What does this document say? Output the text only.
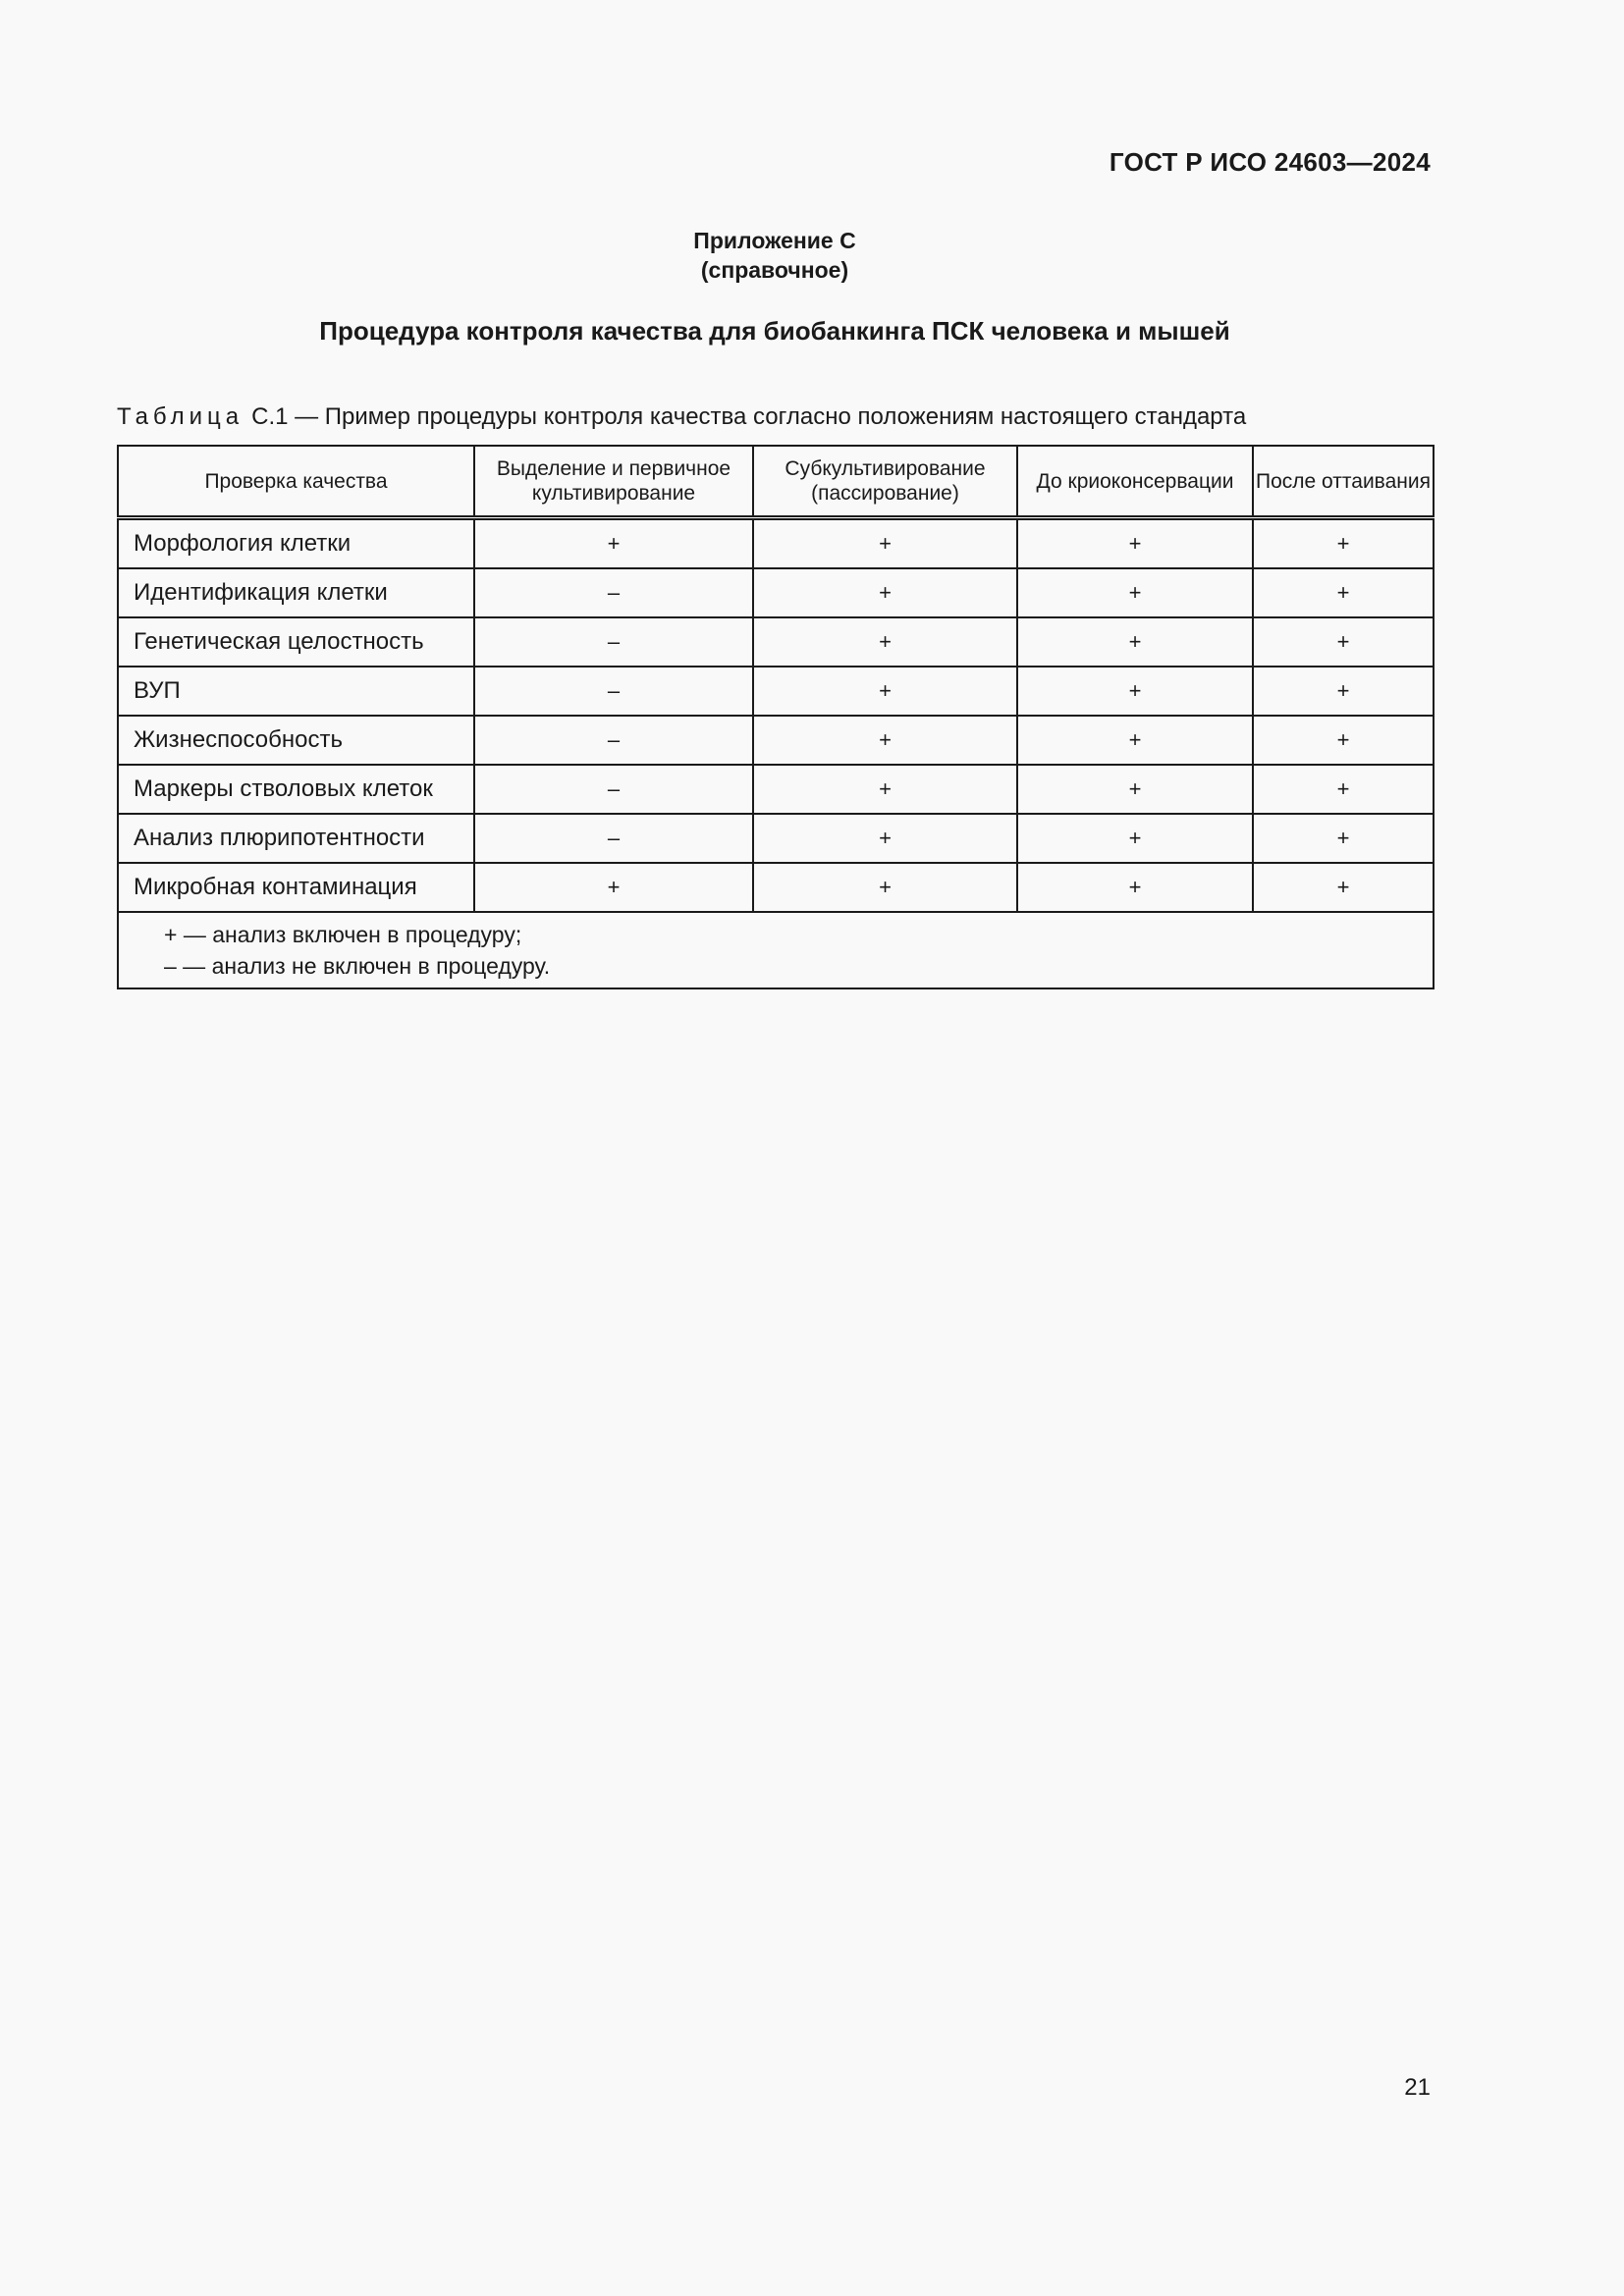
ГОСТ Р ИСО 24603—2024
Приложение С
(справочное)
Процедура контроля качества для биобанкинга ПСК человека и мышей
Таблица С.1 — Пример процедуры контроля качества согласно положениям настоящего стандарта
Проверка качества	Выделение и первичное культивирование	Субкультивирование (пассирование)	До криоконсервации	После оттаивания
Морфология клетки	+	+	+	+
Идентификация клетки	–	+	+	+
Генетическая целостность	–	+	+	+
ВУП	–	+	+	+
Жизнеспособность	–	+	+	+
Маркеры стволовых клеток	–	+	+	+
Анализ плюрипотентности	–	+	+	+
Микробная контаминация	+	+	+	+

+ — анализ включен в процедуру;
– — анализ не включен в процедуру.				
21
